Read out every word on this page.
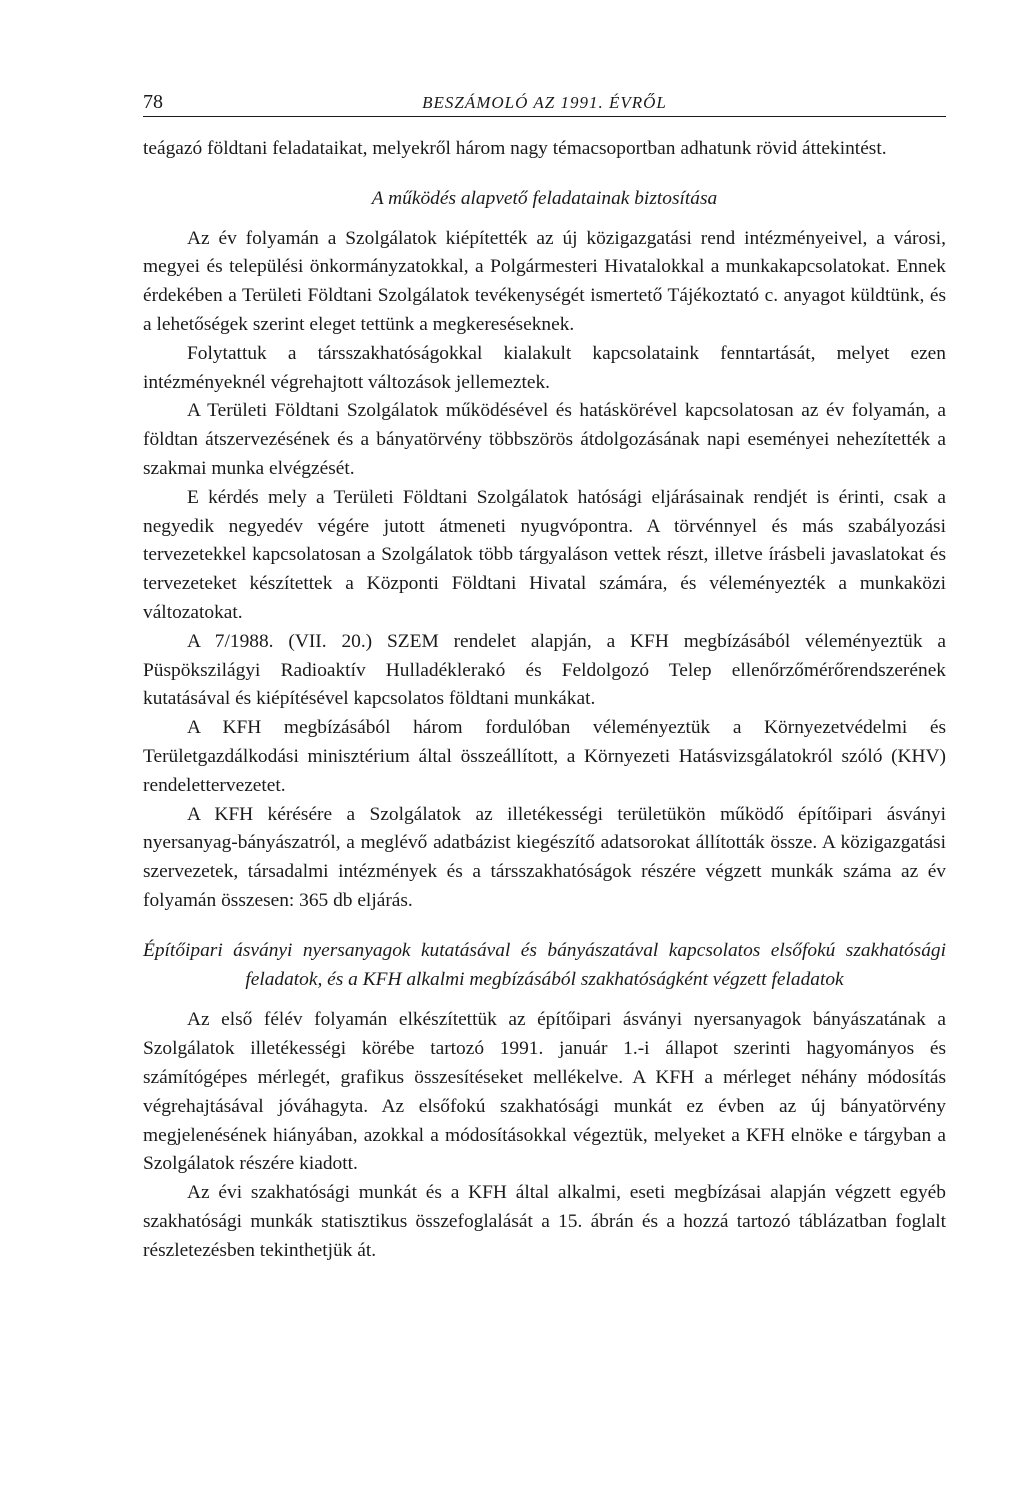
78	BESZÁMOLÓ AZ 1991. ÉVRŐL

teágazó földtani feladataikat, melyekről három nagy témacsoportban adhatunk rövid áttekintést.

A működés alapvető feladatainak biztosítása

Az év folyamán a Szolgálatok kiépítették az új közigazgatási rend intézményeivel, a városi, megyei és települési önkormányzatokkal, a Polgármesteri Hivatalokkal a munkakapcsolatokat. Ennek érdekében a Területi Földtani Szolgálatok tevékenységét ismertető Tájékoztató c. anyagot küldtünk, és a lehetőségek szerint eleget tettünk a megkereséseknek.

Folytattuk a társszakhatóságokkal kialakult kapcsolataink fenntartását, melyet ezen intézményeknél végrehajtott változások jellemeztek.

A Területi Földtani Szolgálatok működésével és hatáskörével kapcsolatosan az év folyamán, a földtan átszervezésének és a bányatörvény többszörös átdolgozásának napi eseményei nehezítették a szakmai munka elvégzését.

E kérdés mely a Területi Földtani Szolgálatok hatósági eljárásainak rendjét is érinti, csak a negyedik negyedév végére jutott átmeneti nyugvópontra. A törvénnyel és más szabályozási tervezetekkel kapcsolatosan a Szolgálatok több tárgyaláson vettek részt, illetve írásbeli javaslatokat és tervezeteket készítettek a Központi Földtani Hivatal számára, és véleményezték a munkaközi változatokat.

A 7/1988. (VII. 20.) SZEM rendelet alapján, a KFH megbízásából véleményeztük a Püspökszilágyi Radioaktív Hulladéklerakó és Feldolgozó Telep ellenőrzőmérőrendszerének kutatásával és kiépítésével kapcsolatos földtani munkákat.

A KFH megbízásából három fordulóban véleményeztük a Környezetvédelmi és Területgazdálkodási minisztérium által összeállított, a Környezeti Hatásvizsgálatokról szóló (KHV) rendelettervezetet.

A KFH kérésére a Szolgálatok az illetékességi területükön működő építőipari ásványi nyersanyag-bányászatról, a meglévő adatbázist kiegészítő adatsorokat állították össze. A közigazgatási szervezetek, társadalmi intézmények és a társszakhatóságok részére végzett munkák száma az év folyamán összesen: 365 db eljárás.

Építőipari ásványi nyersanyagok kutatásával és bányászatával kapcsolatos elsőfokú szakhatósági feladatok, és a KFH alkalmi megbízásából szakhatóságként végzett feladatok

Az első félév folyamán elkészítettük az építőipari ásványi nyersanyagok bányászatának a Szolgálatok illetékességi körébe tartozó 1991. január 1.-i állapot szerinti hagyományos és számítógépes mérlegét, grafikus összesítéseket mellékelve. A KFH a mérleget néhány módosítás végrehajtásával jóváhagyta. Az elsőfokú szakhatósági munkát ez évben az új bányatörvény megjelenésének hiányában, azokkal a módosításokkal végeztük, melyeket a KFH elnöke e tárgyban a Szolgálatok részére kiadott.

Az évi szakhatósági munkát és a KFH által alkalmi, eseti megbízásai alapján végzett egyéb szakhatósági munkák statisztikus összefoglalását a 15. ábrán és a hozzá tartozó táblázatban foglalt részletezésben tekinthetjük át.
